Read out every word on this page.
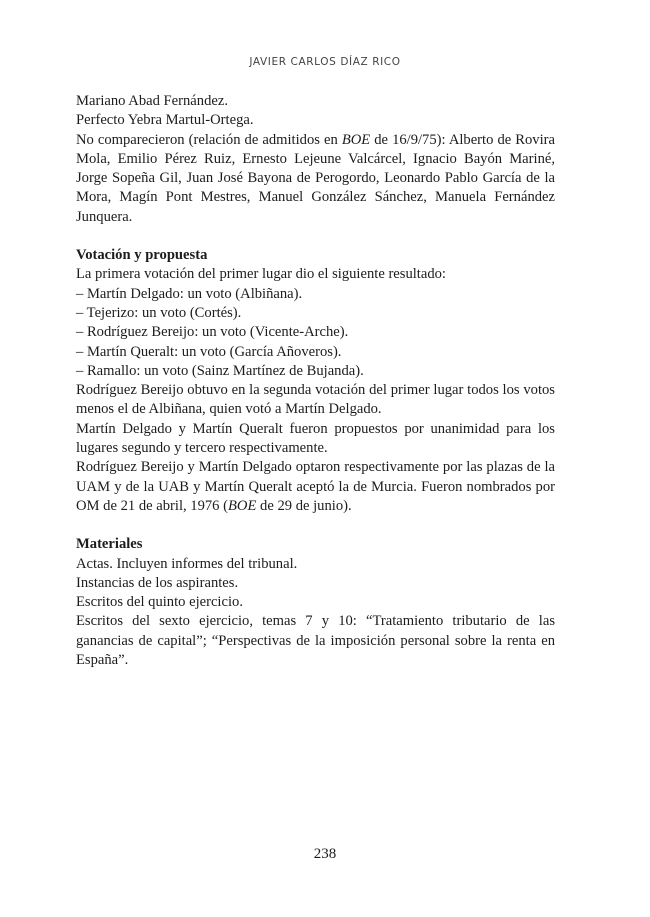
JAVIER CARLOS DÍAZ RICO

Mariano Abad Fernández.

Perfecto Yebra Martul-Ortega.

No comparecieron (relación de admitidos en BOE de 16/9/75): Alberto de Rovira Mola, Emilio Pérez Ruiz, Ernesto Lejeune Valcárcel, Ignacio Bayón Mariné, Jorge Sopeña Gil, Juan José Bayona de Perogordo, Leonardo Pablo García de la Mora, Magín Pont Mestres, Manuel González Sánchez, Manuela Fernández Junquera.

Votación y propuesta

La primera votación del primer lugar dio el siguiente resultado:

– Martín Delgado: un voto (Albiñana).

– Tejerizo: un voto (Cortés).

– Rodríguez Bereijo: un voto (Vicente-Arche).

– Martín Queralt: un voto (García Añoveros).

– Ramallo: un voto (Sainz Martínez de Bujanda).

Rodríguez Bereijo obtuvo en la segunda votación del primer lugar todos los votos menos el de Albiñana, quien votó a Martín Delgado.

Martín Delgado y Martín Queralt fueron propuestos por unanimidad para los lugares segundo y tercero respectivamente.

Rodríguez Bereijo y Martín Delgado optaron respectivamente por las plazas de la UAM y de la UAB y Martín Queralt aceptó la de Murcia. Fueron nombrados por OM de 21 de abril, 1976 (BOE de 29 de junio).

Materiales

Actas. Incluyen informes del tribunal.

Instancias de los aspirantes.

Escritos del quinto ejercicio.

Escritos del sexto ejercicio, temas 7 y 10: “Tratamiento tributario de las ganancias de capital”; “Perspectivas de la imposición personal sobre la renta en España”.

238
